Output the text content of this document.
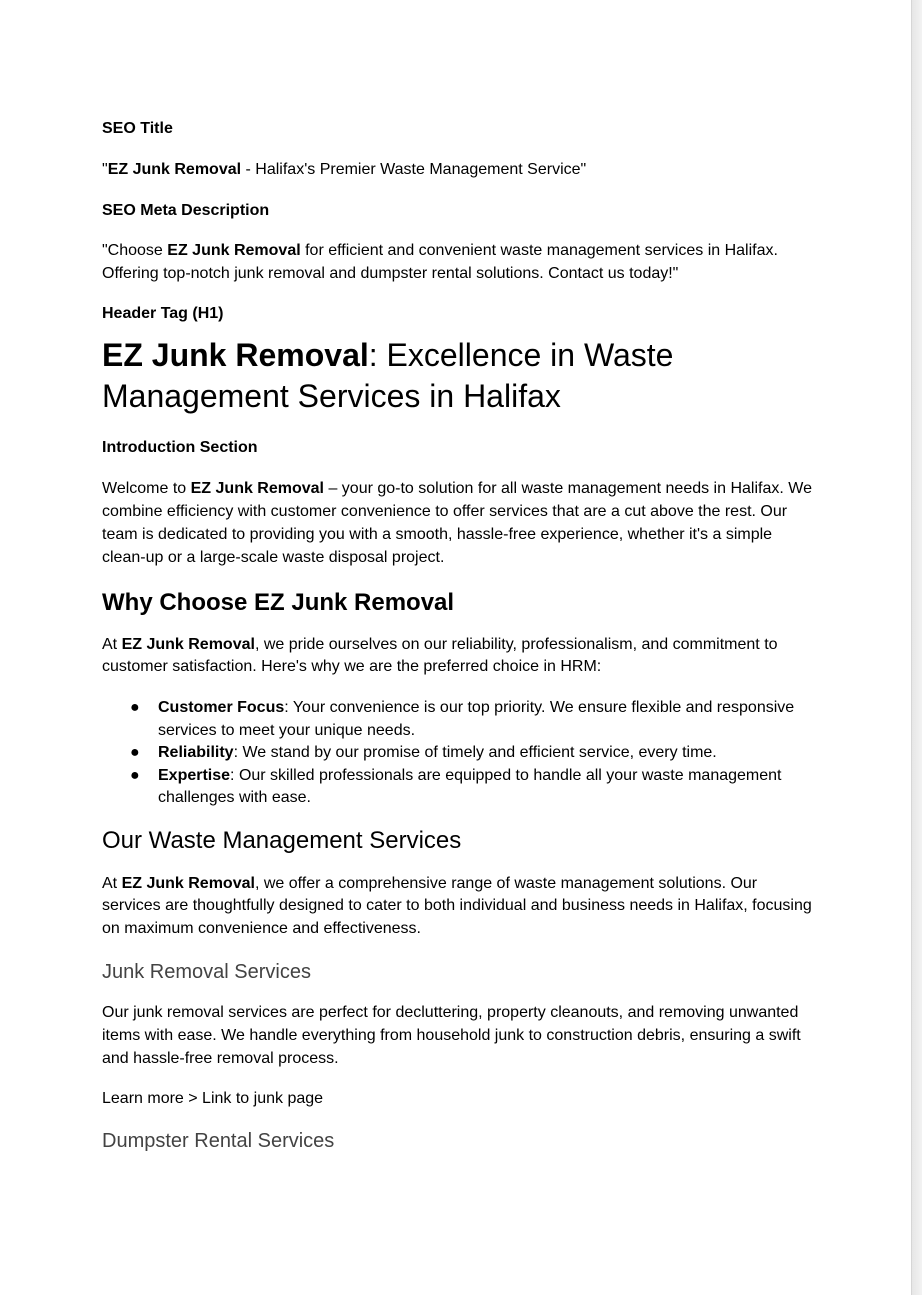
SEO Title

"EZ Junk Removal - Halifax's Premier Waste Management Service"

SEO Meta Description

"Choose EZ Junk Removal for efficient and convenient waste management services in Halifax. Offering top-notch junk removal and dumpster rental solutions. Contact us today!"

Header Tag (H1)

EZ Junk Removal: Excellence in Waste Management Services in Halifax

Introduction Section

Welcome to EZ Junk Removal – your go-to solution for all waste management needs in Halifax. We combine efficiency with customer convenience to offer services that are a cut above the rest. Our team is dedicated to providing you with a smooth, hassle-free experience, whether it's a simple clean-up or a large-scale waste disposal project.

Why Choose EZ Junk Removal

At EZ Junk Removal, we pride ourselves on our reliability, professionalism, and commitment to customer satisfaction. Here's why we are the preferred choice in HRM:

● Customer Focus: Your convenience is our top priority. We ensure flexible and responsive services to meet your unique needs.
● Reliability: We stand by our promise of timely and efficient service, every time.
● Expertise: Our skilled professionals are equipped to handle all your waste management challenges with ease.
Our Waste Management Services

At EZ Junk Removal, we offer a comprehensive range of waste management solutions. Our services are thoughtfully designed to cater to both individual and business needs in Halifax, focusing on maximum convenience and effectiveness.

Junk Removal Services

Our junk removal services are perfect for decluttering, property cleanouts, and removing unwanted items with ease. We handle everything from household junk to construction debris, ensuring a swift and hassle-free removal process.

Learn more > Link to junk page

Dumpster Rental Services
